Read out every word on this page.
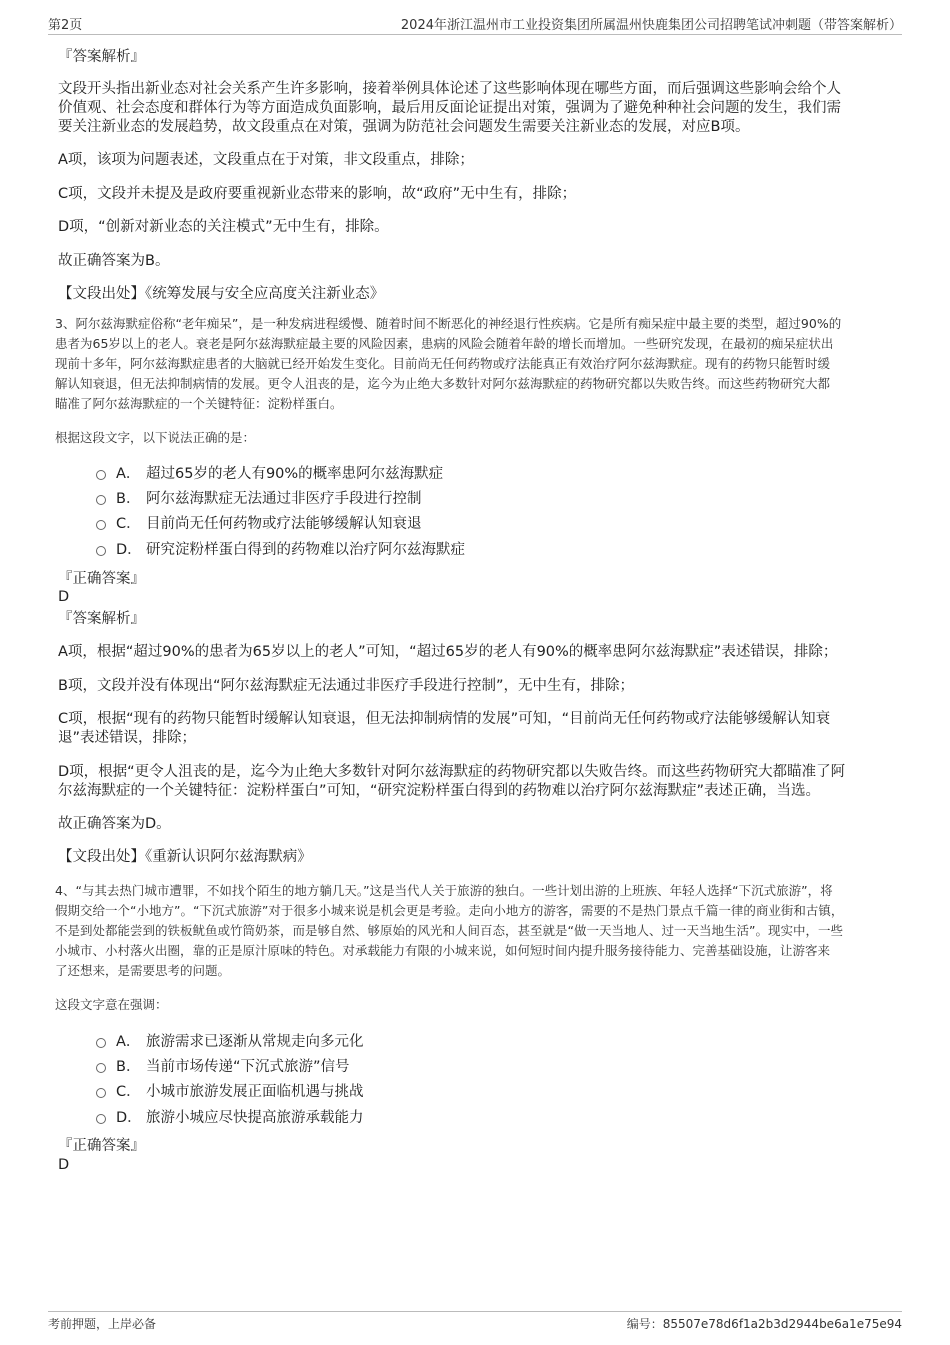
第2页	2024年浙江温州市工业投资集团所属温州快鹿集团公司招聘笔试冲刺题（带答案解析）

『答案解析』

文段开头指出新业态对社会关系产生许多影响，接着举例具体论述了这些影响体现在哪些方面，而后强调这些影响会给个人

价值观、社会态度和群体行为等方面造成负面影响，最后用反面论证提出对策，强调为了避免种种社会问题的发生，我们需

要关注新业态的发展趋势，故文段重点在对策，强调为防范社会问题发生需要关注新业态的发展，对应B项。

A项，该项为问题表述，文段重点在于对策，非文段重点，排除；

C项，文段并未提及是政府要重视新业态带来的影响，故“政府”无中生有，排除；

D项，“创新对新业态的关注模式”无中生有，排除。

故正确答案为B。

【文段出处】《统筹发展与安全应高度关注新业态》

3、阿尔兹海默症俗称“老年痴呆”，是一种发病进程缓慢、随着时间不断恶化的神经退行性疾病。它是所有痴呆症中最主要的类型，超过90%的

患者为65岁以上的老人。衰老是阿尔兹海默症最主要的风险因素，患病的风险会随着年龄的增长而增加。一些研究发现，在最初的痴呆症状出

现前十多年，阿尔兹海默症患者的大脑就已经开始发生变化。目前尚无任何药物或疗法能真正有效治疗阿尔兹海默症。现有的药物只能暂时缓

解认知衰退，但无法抑制病情的发展。更令人沮丧的是，迄今为止绝大多数针对阿尔兹海默症的药物研究都以失败告终。而这些药物研究大都

瞄准了阿尔兹海默症的一个关键特征：淀粉样蛋白。

根据这段文字，以下说法正确的是：

A． 超过65岁的老人有90%的概率患阿尔兹海默症
B． 阿尔兹海默症无法通过非医疗手段进行控制
C． 目前尚无任何药物或疗法能够缓解认知衰退
D． 研究淀粉样蛋白得到的药物难以治疗阿尔兹海默症

『正确答案』

D

『答案解析』

A项，根据“超过90%的患者为65岁以上的老人”可知，“超过65岁的老人有90%的概率患阿尔兹海默症”表述错误，排除；

B项，文段并没有体现出“阿尔兹海默症无法通过非医疗手段进行控制”，无中生有，排除；

C项，根据“现有的药物只能暂时缓解认知衰退，但无法抑制病情的发展”可知，“目前尚无任何药物或疗法能够缓解认知衰

退”表述错误，排除；

D项，根据“更令人沮丧的是，迄今为止绝大多数针对阿尔兹海默症的药物研究都以失败告终。而这些药物研究大都瞄准了阿

尔兹海默症的一个关键特征：淀粉样蛋白”可知，“研究淀粉样蛋白得到的药物难以治疗阿尔兹海默症”表述正确，当选。

故正确答案为D。

【文段出处】《重新认识阿尔兹海默病》

4、“与其去热门城市遭罪，不如找个陌生的地方躺几天。”这是当代人关于旅游的独白。一些计划出游的上班族、年轻人选择“下沉式旅游”，将

假期交给一个“小地方”。“下沉式旅游”对于很多小城来说是机会更是考验。走向小地方的游客，需要的不是热门景点千篇一律的商业街和古镇，

不是到处都能尝到的铁板鱿鱼或竹筒奶茶，而是够自然、够原始的风光和人间百态，甚至就是“做一天当地人、过一天当地生活”。现实中，一些

小城市、小村落火出圈，靠的正是原汁原味的特色。对承载能力有限的小城来说，如何短时间内提升服务接待能力、完善基础设施，让游客来

了还想来，是需要思考的问题。

这段文字意在强调：

A． 旅游需求已逐渐从常规走向多元化
B． 当前市场传递“下沉式旅游”信号
C． 小城市旅游发展正面临机遇与挑战
D． 旅游小城应尽快提高旅游承载能力

『正确答案』

D

考前押题，上岸必备	编号：85507e78d6f1a2b3d2944be6a1e75e94
